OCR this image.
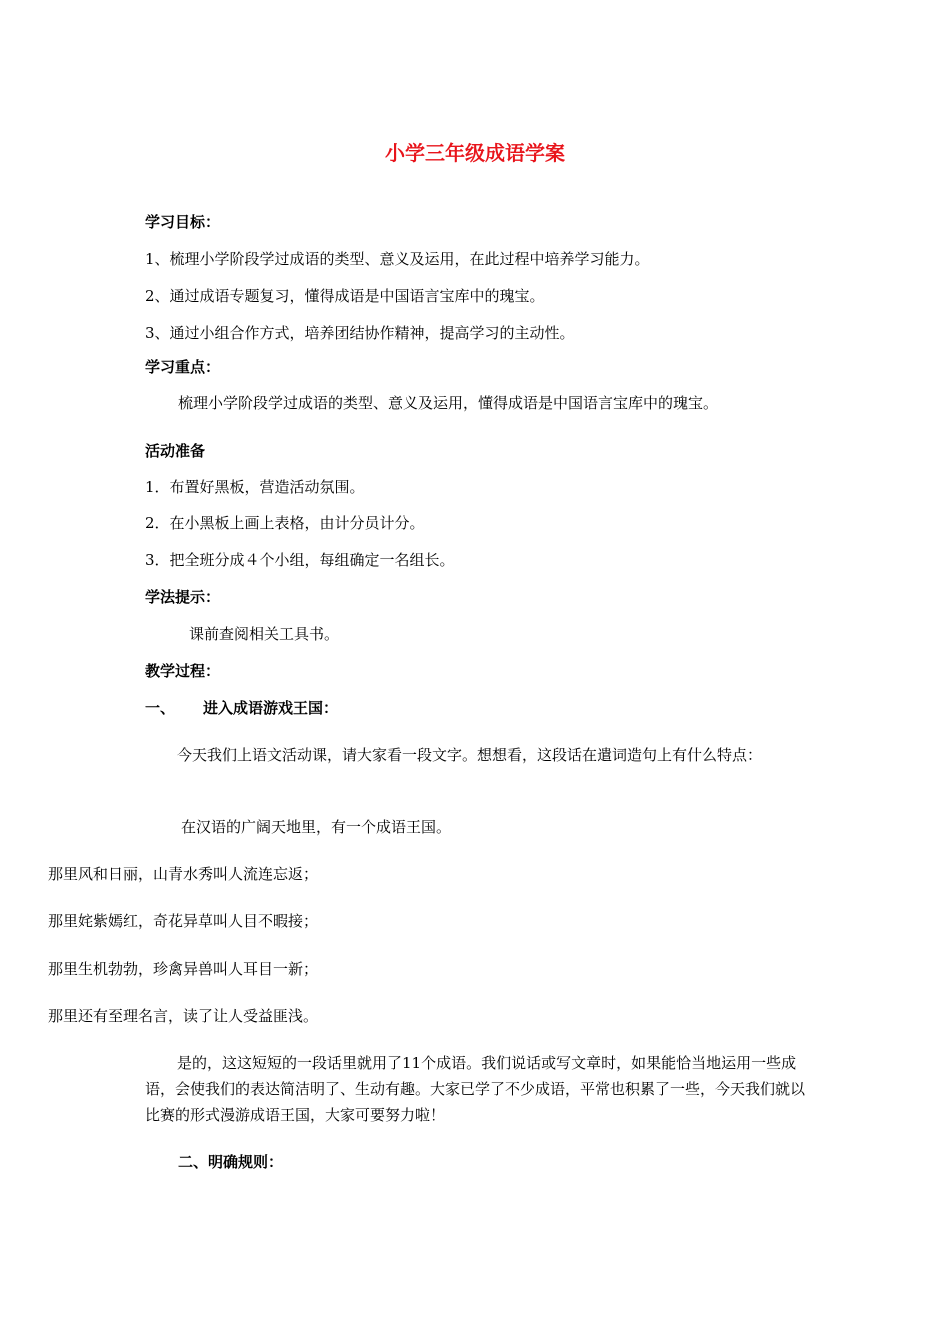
小学三年级成语学案
学习目标：
1、梳理小学阶段学过成语的类型、意义及运用，在此过程中培养学习能力。
2、通过成语专题复习，懂得成语是中国语言宝库中的瑰宝。
3、通过小组合作方式，培养团结协作精神，提高学习的主动性。
学习重点：
梳理小学阶段学过成语的类型、意义及运用，懂得成语是中国语言宝库中的瑰宝。
活动准备
1．布置好黑板，营造活动氛围。
2．在小黑板上画上表格，由计分员计分。
3．把全班分成４个小组，每组确定一名组长。
学法提示：
课前查阅相关工具书。
教学过程：
一、 进入成语游戏王国：
今天我们上语文活动课，请大家看一段文字。想想看，这段话在遣词造句上有什么特点：
在汉语的广阔天地里，有一个成语王国。
那里风和日丽，山青水秀叫人流连忘返；
那里姹紫嫣红，奇花异草叫人目不暇接；
那里生机勃勃，珍禽异兽叫人耳目一新；
那里还有至理名言，读了让人受益匪浅。
是的，这这短短的一段话里就用了11个成语。我们说话或写文章时，如果能恰当地运用一些成语，会使我们的表达简洁明了、生动有趣。大家已学了不少成语，平常也积累了一些，今天我们就以比赛的形式漫游成语王国，大家可要努力啦！
二、明确规则：
